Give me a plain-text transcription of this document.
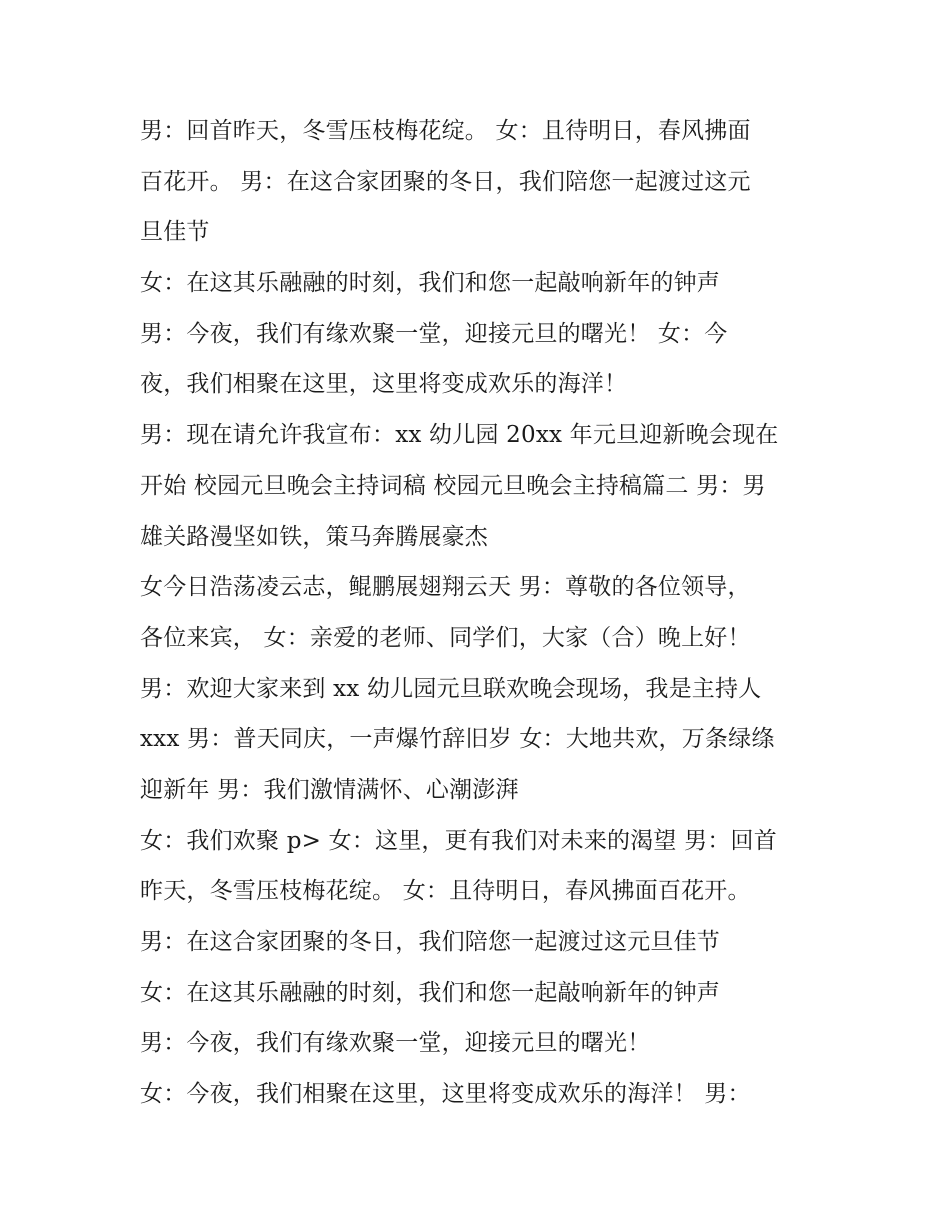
男：回首昨天，冬雪压枝梅花绽。 女：且待明日，春风拂面
百花开。 男：在这合家团聚的冬日，我们陪您一起渡过这元
旦佳节
女：在这其乐融融的时刻，我们和您一起敲响新年的钟声
男：今夜，我们有缘欢聚一堂，迎接元旦的曙光！ 女：今
夜，我们相聚在这里，这里将变成欢乐的海洋！
男：现在请允许我宣布：xx 幼儿园 20xx 年元旦迎新晚会现在
开始 校园元旦晚会主持词稿 校园元旦晚会主持稿篇二 男：男
雄关路漫坚如铁，策马奔腾展豪杰
女今日浩荡凌云志，鲲鹏展翅翔云天 男：尊敬的各位领导，
各位来宾， 女：亲爱的老师、同学们，大家（合）晚上好！
男：欢迎大家来到 xx 幼儿园元旦联欢晚会现场，我是主持人
xxx 男：普天同庆，一声爆竹辞旧岁 女：大地共欢，万条绿绦
迎新年 男：我们激情满怀、心潮澎湃
女：我们欢聚 p> 女：这里，更有我们对未来的渴望 男：回首
昨天，冬雪压枝梅花绽。 女：且待明日，春风拂面百花开。
男：在这合家团聚的冬日，我们陪您一起渡过这元旦佳节
女：在这其乐融融的时刻，我们和您一起敲响新年的钟声
男：今夜，我们有缘欢聚一堂，迎接元旦的曙光！
女：今夜，我们相聚在这里，这里将变成欢乐的海洋！ 男：
